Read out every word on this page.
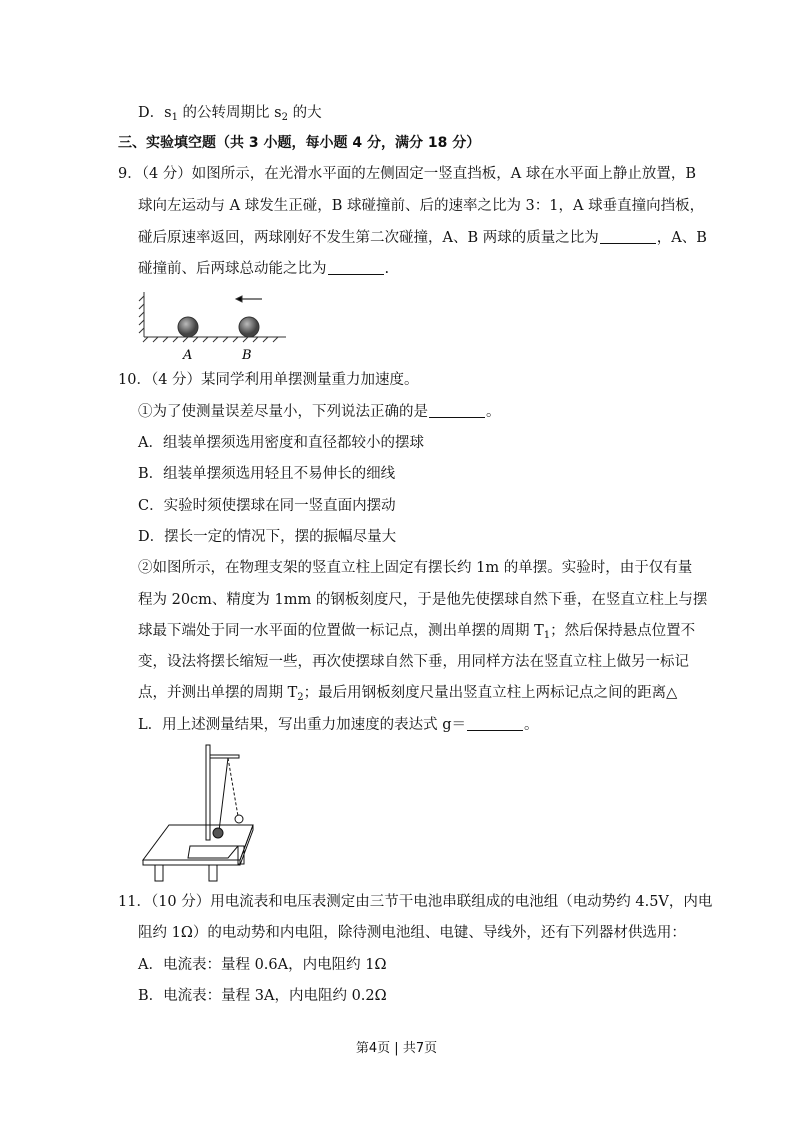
D．$s_1$ 的公转周期比 $s_2$ 的大
三、实验填空题（共 3 小题，每小题 4 分，满分 18 分）
9．（4 分）如图所示，在光滑水平面的左侧固定一竖直挡板，A 球在水平面上静止放置，B
球向左运动与 A 球发生正碰，B 球碰撞前、后的速率之比为 3：1，A 球垂直撞向挡板，
碰后原速率返回，两球刚好不发生第二次碰撞，A、B 两球的质量之比为	，A、B
碰撞前、后两球总动能之比为	.
A	B
10．（4 分）某同学利用单摆测量重力加速度。
①为了使测量误差尽量小，下列说法正确的是	。
A．组装单摆须选用密度和直径都较小的摆球
B．组装单摆须选用轻且不易伸长的细线
C．实验时须使摆球在同一竖直面内摆动
D．摆长一定的情况下，摆的振幅尽量大
②如图所示，在物理支架的竖直立柱上固定有摆长约 1m 的单摆。实验时，由于仅有量
程为 20cm、精度为 1mm 的钢板刻度尺，于是他先使摆球自然下垂，在竖直立柱上与摆
球最下端处于同一水平面的位置做一标记点，测出单摆的周期 $T_1$；然后保持悬点位置不
变，设法将摆长缩短一些，再次使摆球自然下垂，用同样方法在竖直立柱上做另一标记
点，并测出单摆的周期 $T_2$；最后用钢板刻度尺量出竖直立柱上两标记点之间的距离△
L．用上述测量结果，写出重力加速度的表达式 g＝	。
11．（10 分）用电流表和电压表测定由三节干电池串联组成的电池组（电动势约 4.5V，内电
阻约 1Ω）的电动势和内电阻，除待测电池组、电键、导线外，还有下列器材供选用：
A．电流表：量程 0.6A，内电阻约 1Ω
B．电流表：量程 3A，内电阻约 0.2Ω
第4页 | 共7页
